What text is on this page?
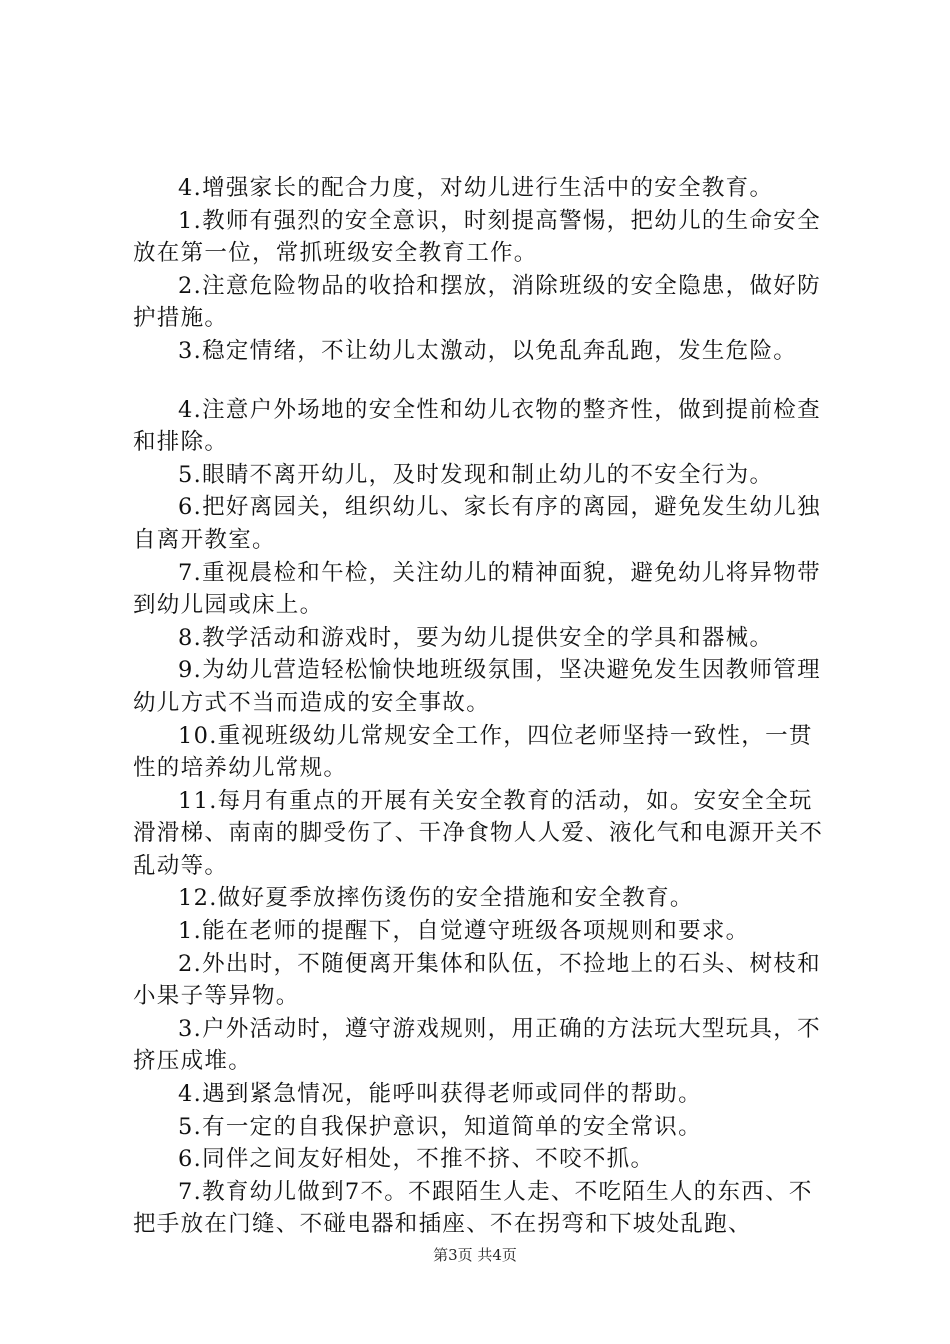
4.增强家长的配合力度，对幼儿进行生活中的安全教育。

1.教师有强烈的安全意识，时刻提高警惕，把幼儿的生命安全放在第一位，常抓班级安全教育工作。

2.注意危险物品的收拾和摆放，消除班级的安全隐患，做好防护措施。

3.稳定情绪，不让幼儿太激动，以免乱奔乱跑，发生危险。

4.注意户外场地的安全性和幼儿衣物的整齐性，做到提前检查和排除。

5.眼睛不离开幼儿，及时发现和制止幼儿的不安全行为。

6.把好离园关，组织幼儿、家长有序的离园，避免发生幼儿独自离开教室。

7.重视晨检和午检，关注幼儿的精神面貌，避免幼儿将异物带到幼儿园或床上。

8.教学活动和游戏时，要为幼儿提供安全的学具和器械。

9.为幼儿营造轻松愉快地班级氛围，坚决避免发生因教师管理幼儿方式不当而造成的安全事故。

10.重视班级幼儿常规安全工作，四位老师坚持一致性，一贯性的培养幼儿常规。

11.每月有重点的开展有关安全教育的活动，如。安安全全玩滑滑梯、南南的脚受伤了、干净食物人人爱、液化气和电源开关不乱动等。

12.做好夏季放摔伤烫伤的安全措施和安全教育。

1.能在老师的提醒下，自觉遵守班级各项规则和要求。

2.外出时，不随便离开集体和队伍，不捡地上的石头、树枝和小果子等异物。

3.户外活动时，遵守游戏规则，用正确的方法玩大型玩具，不挤压成堆。

4.遇到紧急情况，能呼叫获得老师或同伴的帮助。

5.有一定的自我保护意识，知道简单的安全常识。

6.同伴之间友好相处，不推不挤、不咬不抓。

7.教育幼儿做到7不。不跟陌生人走、不吃陌生人的东西、不把手放在门缝、不碰电器和插座、不在拐弯和下坡处乱跑、

第3页 共4页
